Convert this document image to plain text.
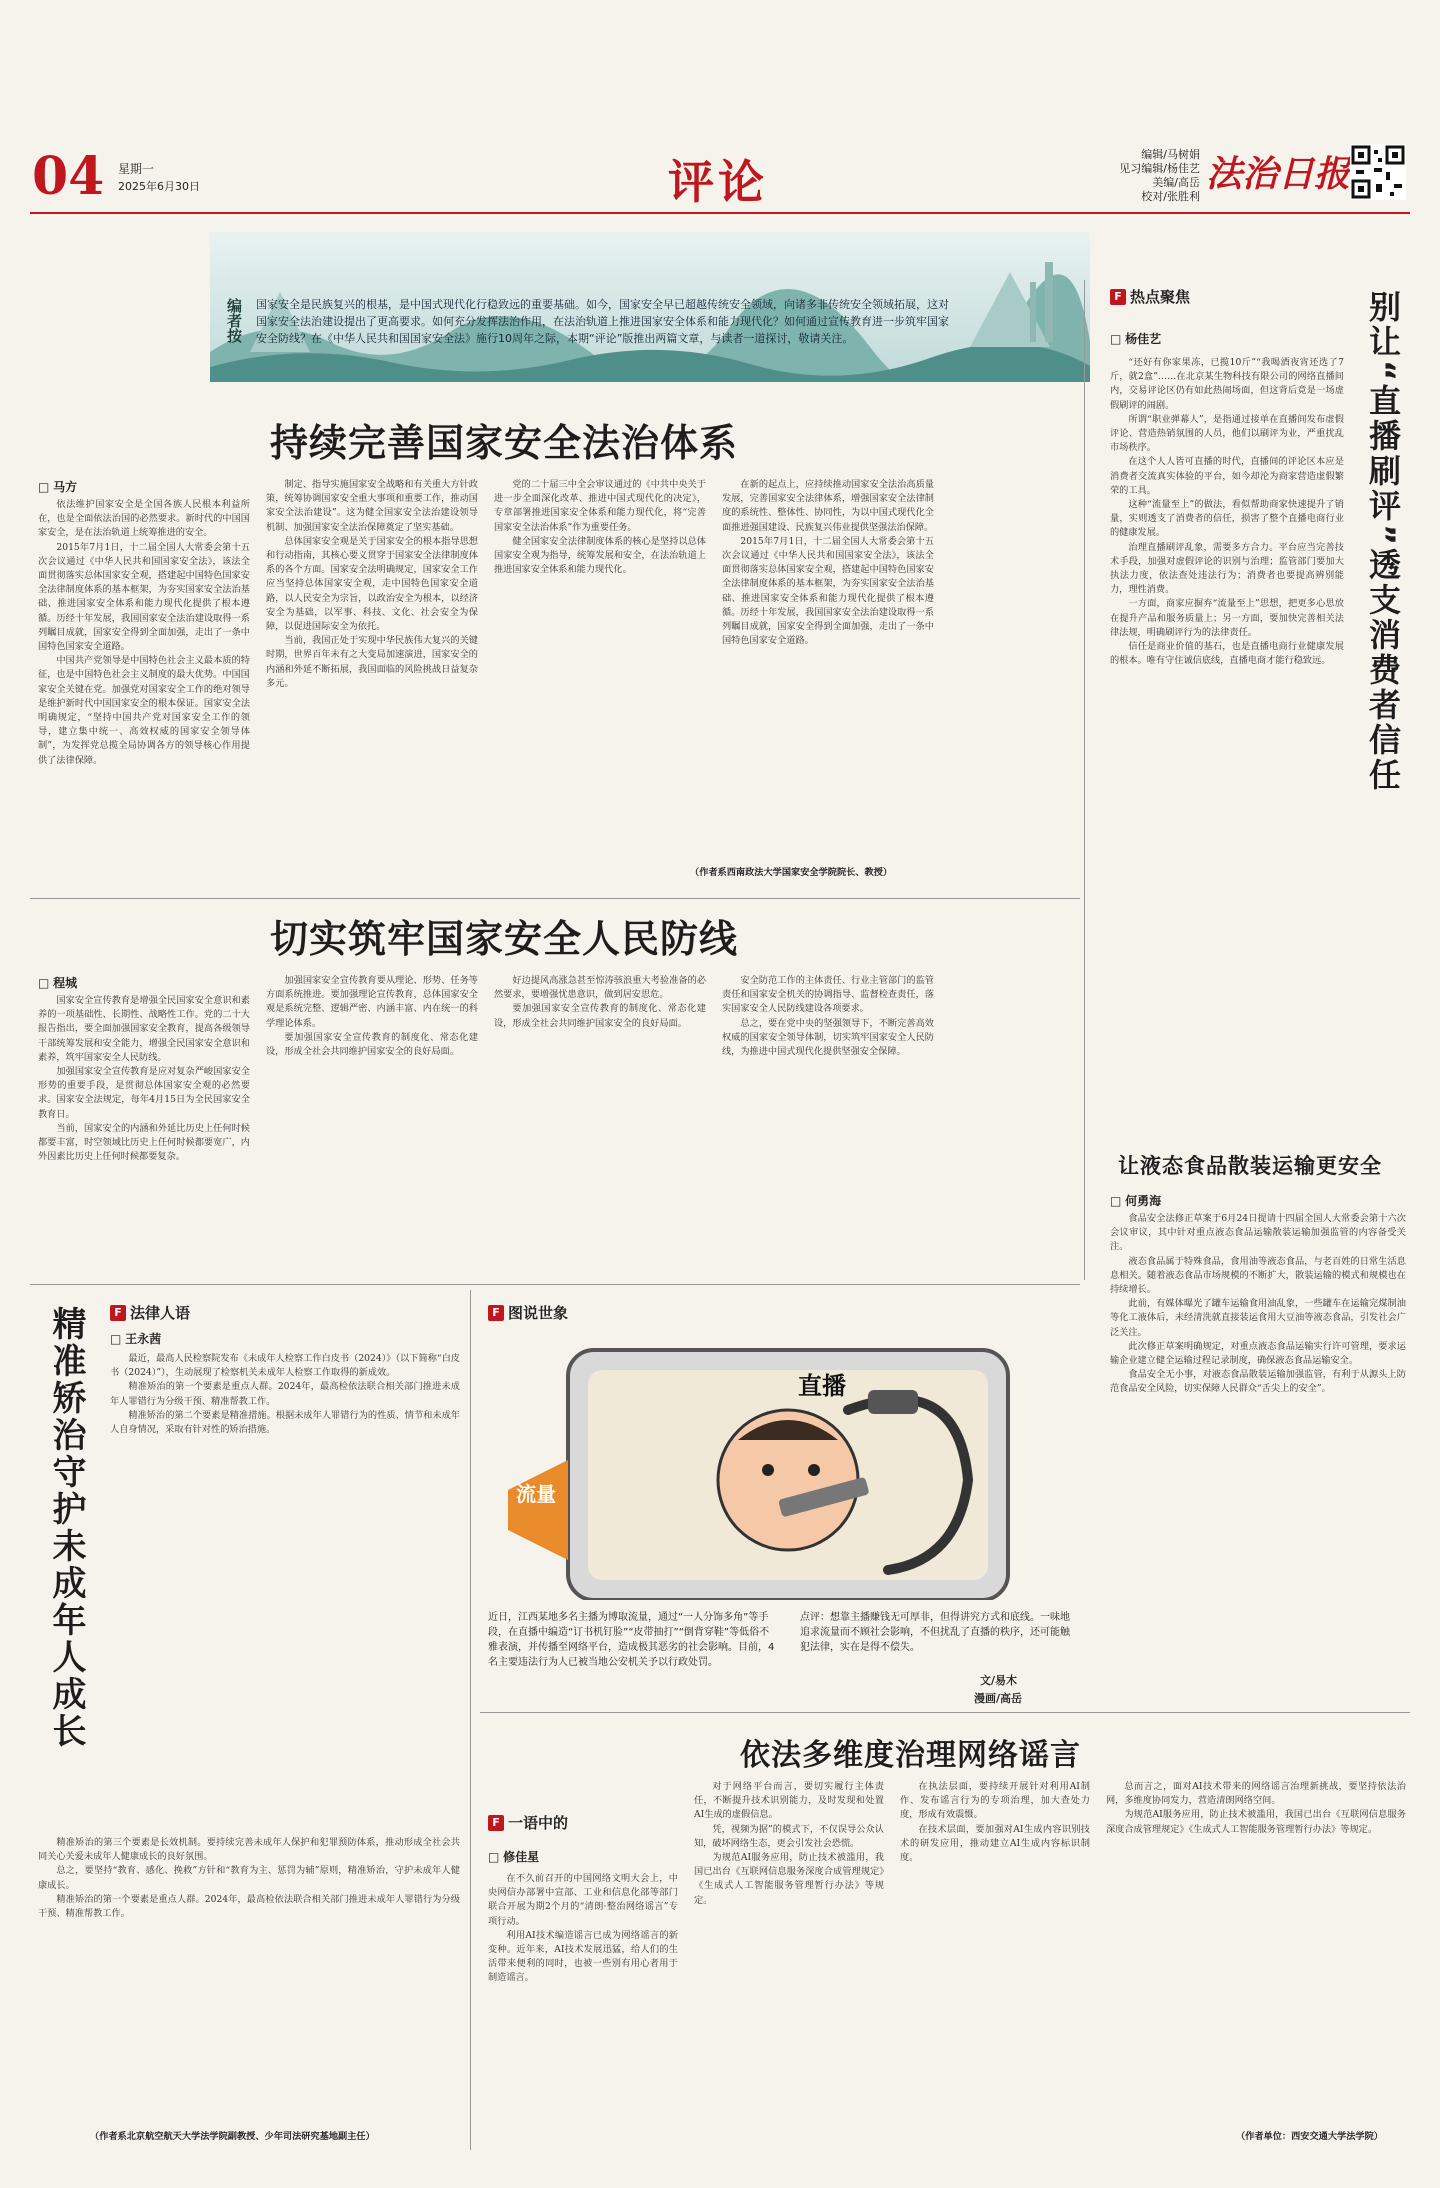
04 星期一
2025年6月30日	评论
编辑/马树娟
见习编辑/杨佳艺
美编/高岳
校对/张胜利
法治日报
编者按 国家安全是民族复兴的根基，是中国式现代化行稳致远的重要基础。如今，国家安全早已超越传统安全领域，向诸多非传统安全领域拓展，这对国家安全法治建设提出了更高要求。如何充分发挥法治作用，在法治轨道上推进国家安全体系和能力现代化？如何通过宣传教育进一步筑牢国家安全防线？在《中华人民共和国国家安全法》施行10周年之际，本期“评论”版推出两篇文章，与读者一道探讨，敬请关注。
持续完善国家安全法治体系
□ 马方

依法维护国家安全是全国各族人民根本利益所在，也是全面依法治国的必然要求。新时代的中国国家安全，是在法治轨道上统筹推进的安全。

2015年7月1日，十二届全国人大常委会第十五次会议通过《中华人民共和国国家安全法》，该法全面贯彻落实总体国家安全观，搭建起中国特色国家安全法律制度体系的基本框架，为夯实国家安全法治基础、推进国家安全体系和能力现代化提供了根本遵循。历经十年发展，我国国家安全法治建设取得一系列瞩目成就，国家安全得到全面加强，走出了一条中国特色国家安全道路。

中国共产党领导是中国特色社会主义最本质的特征，也是中国特色社会主义制度的最大优势。中国国家安全关键在党。加强党对国家安全工作的绝对领导是维护新时代中国国家安全的根本保证。国家安全法明确规定，“坚持中国共产党对国家安全工作的领导，建立集中统一、高效权威的国家安全领导体制”，为发挥党总揽全局协调各方的领导核心作用提供了法律保障。

制定、指导实施国家安全战略和有关重大方针政策，统筹协调国家安全重大事项和重要工作，推动国家安全法治建设”。这为健全国家安全法治建设领导机制、加强国家安全法治保障奠定了坚实基础。

总体国家安全观是关于国家安全的根本指导思想和行动指南，其核心要义贯穿于国家安全法律制度体系的各个方面。国家安全法明确规定，国家安全工作应当坚持总体国家安全观，走中国特色国家安全道路，以人民安全为宗旨，以政治安全为根本，以经济安全为基础，以军事、科技、文化、社会安全为保障，以促进国际安全为依托。

当前，我国正处于实现中华民族伟大复兴的关键时期，世界百年未有之大变局加速演进，国家安全的内涵和外延不断拓展，我国面临的风险挑战日益复杂多元。

党的二十届三中全会审议通过的《中共中央关于进一步全面深化改革、推进中国式现代化的决定》，专章部署推进国家安全体系和能力现代化，将“完善国家安全法治体系”作为重要任务。

健全国家安全法律制度体系的核心是坚持以总体国家安全观为指导，统筹发展和安全，在法治轨道上推进国家安全体系和能力现代化。

在新的起点上，应持续推动国家安全法治高质量发展，完善国家安全法律体系，增强国家安全法律制度的系统性、整体性、协同性，为以中国式现代化全面推进强国建设、民族复兴伟业提供坚强法治保障。

2015年7月1日，十二届全国人大常委会第十五次会议通过《中华人民共和国国家安全法》，该法全面贯彻落实总体国家安全观，搭建起中国特色国家安全法律制度体系的基本框架，为夯实国家安全法治基础、推进国家安全体系和能力现代化提供了根本遵循。历经十年发展，我国国家安全法治建设取得一系列瞩目成就，国家安全得到全面加强，走出了一条中国特色国家安全道路。

（作者系西南政法大学国家安全学院院长、教授）
切实筑牢国家安全人民防线
□ 程城

国家安全宣传教育是增强全民国家安全意识和素养的一项基础性、长期性、战略性工作。党的二十大报告指出，要全面加强国家安全教育，提高各级领导干部统筹发展和安全能力，增强全民国家安全意识和素养，筑牢国家安全人民防线。

加强国家安全宣传教育是应对复杂严峻国家安全形势的重要手段，是贯彻总体国家安全观的必然要求。国家安全法规定，每年4月15日为全民国家安全教育日。

当前，国家安全的内涵和外延比历史上任何时候都要丰富，时空领域比历史上任何时候都要宽广，内外因素比历史上任何时候都要复杂。

加强国家安全宣传教育要从理论、形势、任务等方面系统推进。要加强理论宣传教育，总体国家安全观是系统完整、逻辑严密、内涵丰富、内在统一的科学理论体系。

要加强国家安全宣传教育的制度化、常态化建设，形成全社会共同维护国家安全的良好局面。

好边提风高涨急甚至惊涛骇浪重大考验准备的必然要求，要增强忧患意识，做到居安思危。

要加强国家安全宣传教育的制度化、常态化建设，形成全社会共同维护国家安全的良好局面。

安全防范工作的主体责任、行业主管部门的监管责任和国家安全机关的协调指导、监督检查责任，落实国家安全人民防线建设各项要求。

总之，要在党中央的坚强领导下，不断完善高效权威的国家安全领导体制，切实筑牢国家安全人民防线，为推进中国式现代化提供坚强安全保障。

F 热点聚焦
□ 杨佳艺	别让“直播刷评”透支消费者信任

“还好有你家果冻，已揽10斤”“我喝酒夜宵还选了7斤，就2盒”……在北京某生物科技有限公司的网络直播间内，交易评论区仍有如此热闹场面，但这背后竟是一场虚假刷评的闹剧。

所谓“职业弹幕人”，是指通过接单在直播间发布虚假评论、营造热销氛围的人员，他们以刷评为业，严重扰乱市场秩序。

在这个人人皆可直播的时代，直播间的评论区本应是消费者交流真实体验的平台，如今却沦为商家营造虚假繁荣的工具。

这种“流量至上”的做法，看似帮助商家快速提升了销量，实则透支了消费者的信任，损害了整个直播电商行业的健康发展。

治理直播刷评乱象，需要多方合力。平台应当完善技术手段，加强对虚假评论的识别与治理；监管部门要加大执法力度，依法查处违法行为；消费者也要提高辨别能力，理性消费。

一方面，商家应摒弃“流量至上”思想，把更多心思放在提升产品和服务质量上；另一方面，要加快完善相关法律法规，明确刷评行为的法律责任。

信任是商业价值的基石，也是直播电商行业健康发展的根本。唯有守住诚信底线，直播电商才能行稳致远。

让液态食品散装运输更安全
□ 何勇海

食品安全法修正草案于6月24日提请十四届全国人大常委会第十六次会议审议，其中针对重点液态食品运输散装运输加强监管的内容备受关注。

液态食品属于特殊食品，食用油等液态食品，与老百姓的日常生活息息相关。随着液态食品市场规模的不断扩大，散装运输的模式和规模也在持续增长。

此前，有媒体曝光了罐车运输食用油乱象，一些罐车在运输完煤制油等化工液体后，未经清洗就直接装运食用大豆油等液态食品，引发社会广泛关注。

此次修正草案明确规定，对重点液态食品运输实行许可管理，要求运输企业建立健全运输过程记录制度，确保液态食品运输安全。

食品安全无小事，对液态食品散装运输加强监管，有利于从源头上防范食品安全风险，切实保障人民群众“舌尖上的安全”。

F 法律人语
□ 王永茜
精准矫治守护未成年人成长	最近，最高人民检察院发布《未成年人检察工作白皮书（2024）》（以下简称“白皮书（2024）”），生动展现了检察机关未成年人检察工作取得的新成效。

精准矫治的第一个要素是重点人群。2024年，最高检依法联合相关部门推进未成年人罪错行为分级干预、精准帮教工作。

精准矫治的第二个要素是精准措施。根据未成年人罪错行为的性质、情节和未成年人自身情况，采取有针对性的矫治措施。

精准矫治的第三个要素是长效机制。要持续完善未成年人保护和犯罪预防体系，推动形成全社会共同关心关爱未成年人健康成长的良好氛围。

总之，要坚持“教育、感化、挽救”方针和“教育为主、惩罚为辅”原则，精准矫治，守护未成年人健康成长。

精准矫治的第一个要素是重点人群。2024年，最高检依法联合相关部门推进未成年人罪错行为分级干预、精准帮教工作。

（作者系北京航空航天大学法学院副教授、少年司法研究基地副主任）
F 图说世象
直播
流量
近日，江西某地多名主播为博取流量，通过“一人分饰多角”等手段，在直播中编造“订书机钉脸”“皮带抽打”“倒背穿鞋”等低俗不雅表演，并传播至网络平台，造成极其恶劣的社会影响。目前，4名主要违法行为人已被当地公安机关予以行政处罚。
点评：想靠主播赚钱无可厚非，但得讲究方式和底线。一味地追求流量而不顾社会影响，不但扰乱了直播的秩序，还可能触犯法律，实在是得不偿失。
文/易木
漫画/高岳
依法多维度治理网络谣言
F 一语中的
□ 修佳星

在不久前召开的中国网络文明大会上，中央网信办部署中宣部、工业和信息化部等部门联合开展为期2个月的“清朗·整治网络谣言”专项行动。

利用AI技术编造谣言已成为网络谣言的新变种。近年来，AI技术发展迅猛，给人们的生活带来便利的同时，也被一些别有用心者用于制造谣言。

对于网络平台而言，要切实履行主体责任，不断提升技术识别能力，及时发现和处置AI生成的虚假信息。

凭，视频为据”的模式下，不仅误导公众认知，破坏网络生态，更会引发社会恐慌。

为规范AI服务应用，防止技术被滥用，我国已出台《互联网信息服务深度合成管理规定》《生成式人工智能服务管理暂行办法》等规定。

在执法层面，要持续开展针对利用AI制作、发布谣言行为的专项治理，加大查处力度，形成有效震慑。

在技术层面，要加强对AI生成内容识别技术的研发应用，推动建立AI生成内容标识制度。

总而言之，面对AI技术带来的网络谣言治理新挑战，要坚持依法治网，多维度协同发力，营造清朗网络空间。

为规范AI服务应用，防止技术被滥用，我国已出台《互联网信息服务深度合成管理规定》《生成式人工智能服务管理暂行办法》等规定。

（作者单位：西安交通大学法学院）
